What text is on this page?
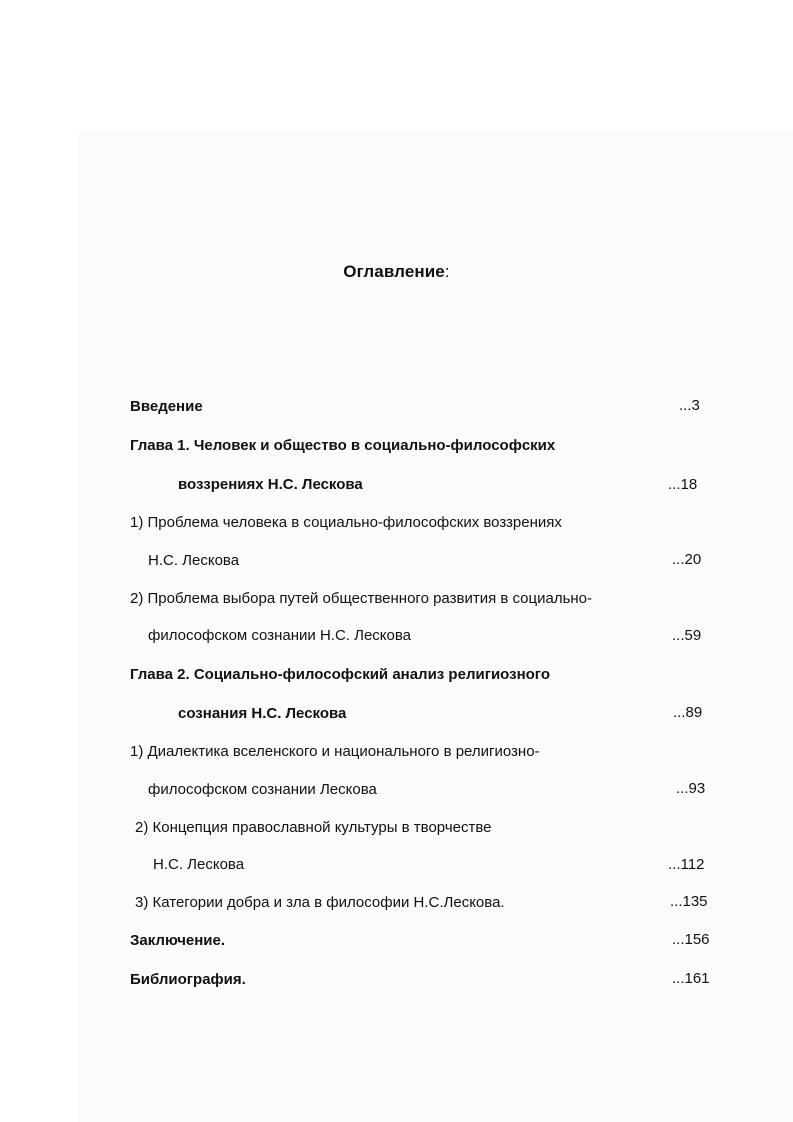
Оглавление:
Введение	...3
Глава 1. Человек и общество в социально-философских
воззрениях Н.С. Лескова	...18
1) Проблема человека в социально-философских воззрениях
Н.С. Лескова	...20
2) Проблема выбора путей общественного развития в социально-
философском сознании Н.С. Лескова	...59
Глава 2. Социально-философский анализ религиозного
сознания Н.С. Лескова	...89
1) Диалектика вселенского и национального в религиозно-
философском сознании Лескова	...93
2) Концепция православной культуры в творчестве
Н.С. Лескова	...112
3) Категории добра и зла в философии Н.С.Лескова.	...135
Заключение.	...156
Библиография.	...161
